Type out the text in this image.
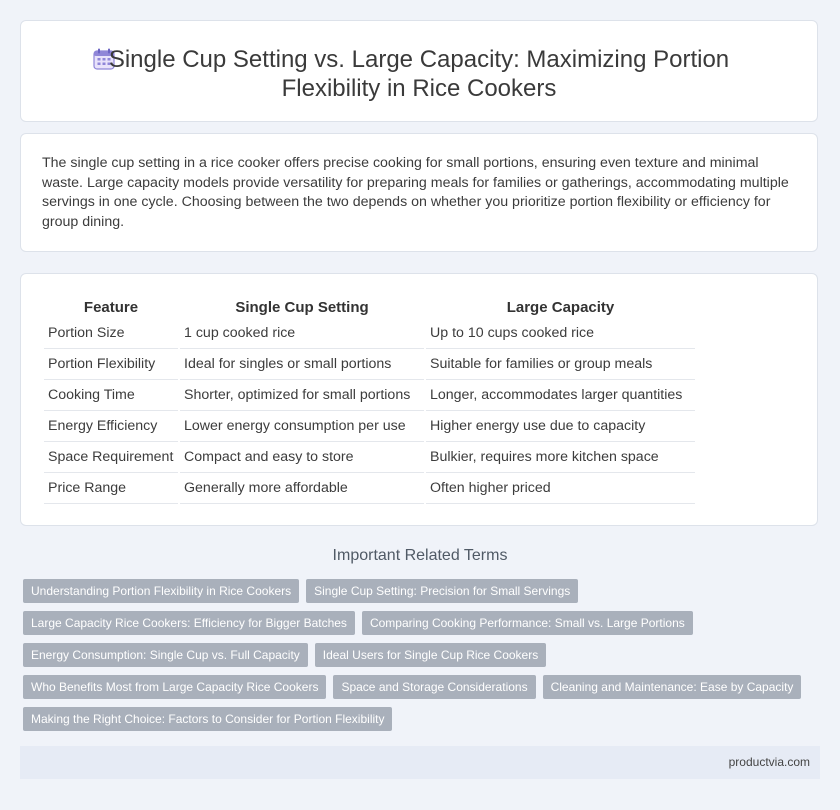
Single Cup Setting vs. Large Capacity: Maximizing Portion Flexibility in Rice Cookers

The single cup setting in a rice cooker offers precise cooking for small portions, ensuring even texture and minimal waste. Large capacity models provide versatility for preparing meals for families or gatherings, accommodating multiple servings in one cycle. Choosing between the two depends on whether you prioritize portion flexibility or efficiency for group dining.

Feature	Single Cup Setting	Large Capacity
Portion Size	1 cup cooked rice	Up to 10 cups cooked rice
Portion Flexibility	Ideal for singles or small portions	Suitable for families or group meals
Cooking Time	Shorter, optimized for small portions	Longer, accommodates larger quantities
Energy Efficiency	Lower energy consumption per use	Higher energy use due to capacity
Space Requirement	Compact and easy to store	Bulkier, requires more kitchen space
Price Range	Generally more affordable	Often higher priced
Important Related Terms
Understanding Portion Flexibility in Rice Cookers	Single Cup Setting: Precision for Small Servings
Large Capacity Rice Cookers: Efficiency for Bigger Batches	Comparing Cooking Performance: Small vs. Large Portions
Energy Consumption: Single Cup vs. Full Capacity	Ideal Users for Single Cup Rice Cookers
Who Benefits Most from Large Capacity Rice Cookers	Space and Storage Considerations	Cleaning and Maintenance: Ease by Capacity
Making the Right Choice: Factors to Consider for Portion Flexibility
productvia.com
